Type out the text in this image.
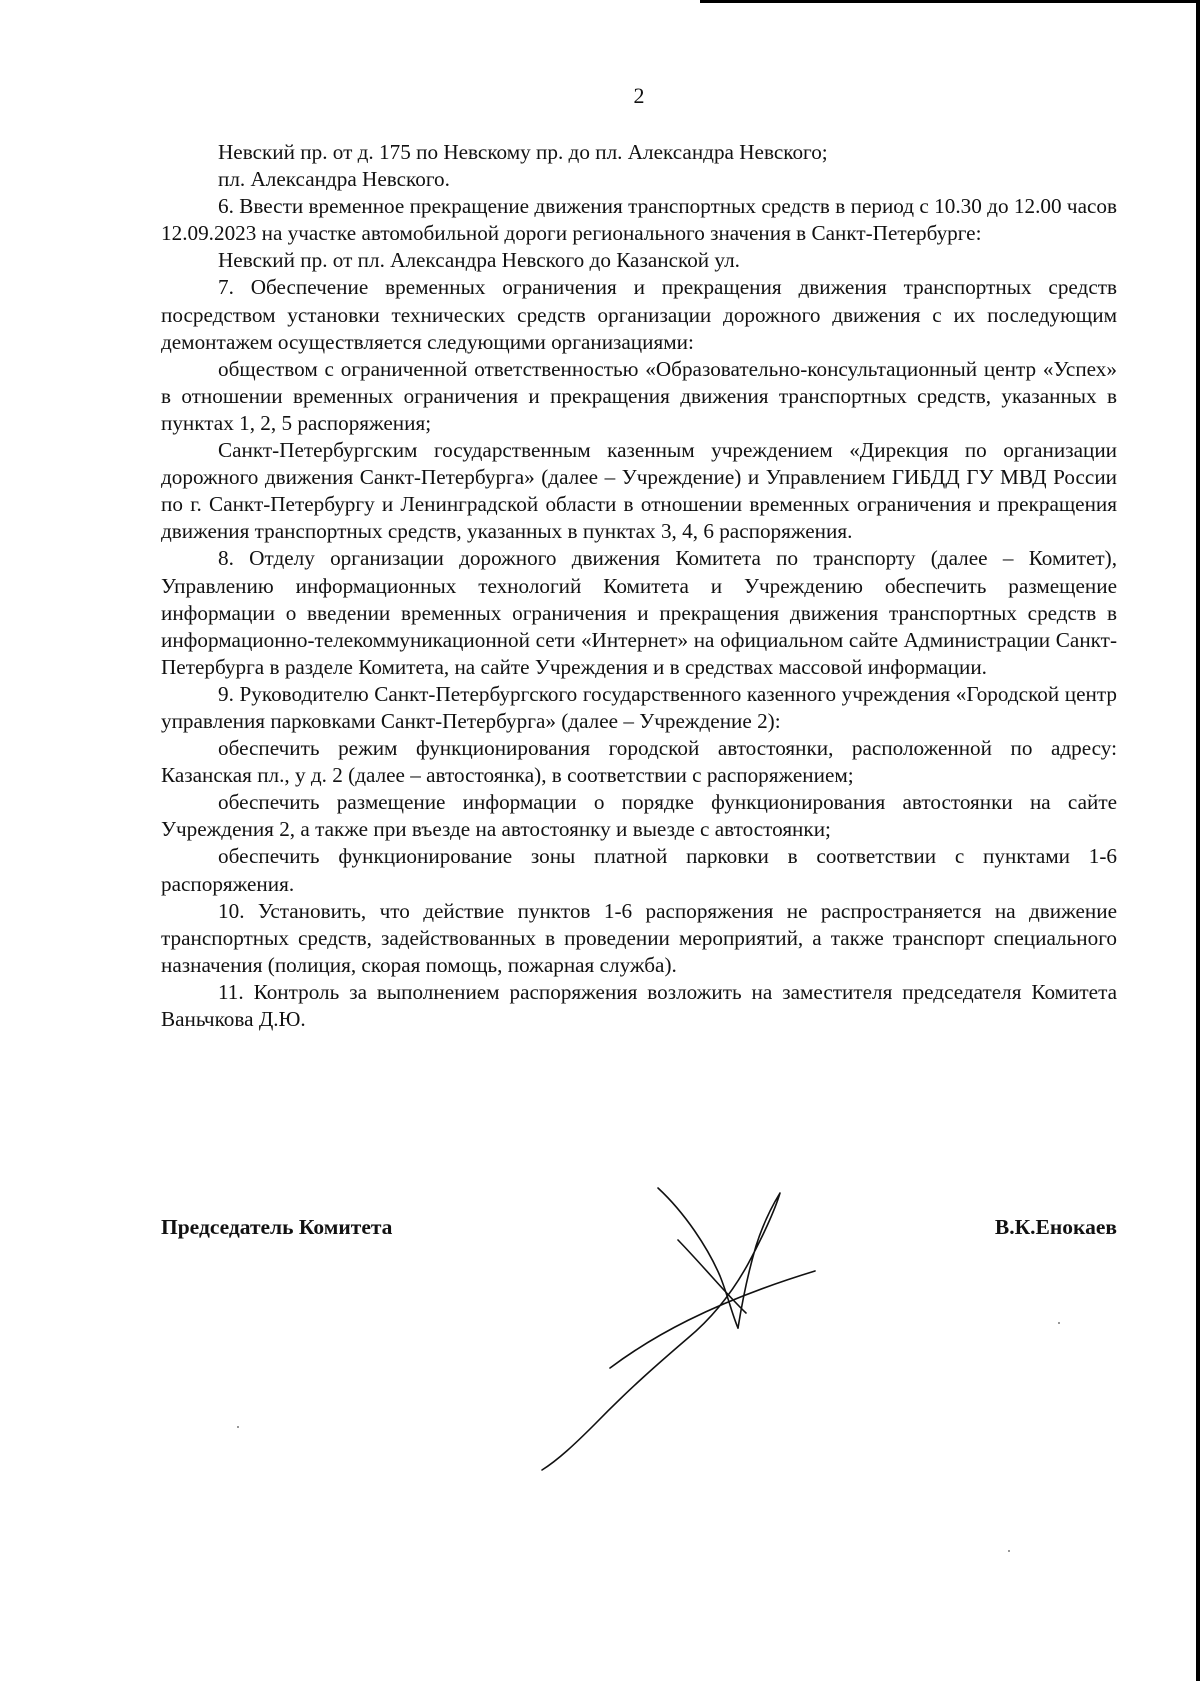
2

Невский пр. от д. 175 по Невскому пр. до пл. Александра Невского;

пл. Александра Невского.

6. Ввести временное прекращение движения транспортных средств в период с 10.30 до 12.00 часов 12.09.2023 на участке автомобильной дороги регионального значения в Санкт-Петербурге:

Невский пр. от пл. Александра Невского до Казанской ул.

7. Обеспечение временных ограничения и прекращения движения транспортных средств посредством установки технических средств организации дорожного движения с их последующим демонтажем осуществляется следующими организациями:

обществом с ограниченной ответственностью «Образовательно-консультационный центр «Успех» в отношении временных ограничения и прекращения движения транспортных средств, указанных в пунктах 1, 2, 5 распоряжения;

Санкт-Петербургским государственным казенным учреждением «Дирекция по организации дорожного движения Санкт-Петербурга» (далее – Учреждение) и Управлением ГИБДД ГУ МВД России по г. Санкт-Петербургу и Ленинградской области в отношении временных ограничения и прекращения движения транспортных средств, указанных в пунктах 3, 4, 6 распоряжения.

8. Отделу организации дорожного движения Комитета по транспорту (далее – Комитет), Управлению информационных технологий Комитета и Учреждению обеспечить размещение информации о введении временных ограничения и прекращения движения транспортных средств в информационно-телекоммуникационной сети «Интернет» на официальном сайте Администрации Санкт-Петербурга в разделе Комитета, на сайте Учреждения и в средствах массовой информации.

9. Руководителю Санкт-Петербургского государственного казенного учреждения «Городской центр управления парковками Санкт-Петербурга» (далее – Учреждение 2):

обеспечить режим функционирования городской автостоянки, расположенной по адресу: Казанская пл., у д. 2 (далее – автостоянка), в соответствии с распоряжением;

обеспечить размещение информации о порядке функционирования автостоянки на сайте Учреждения 2, а также при въезде на автостоянку и выезде с автостоянки;

обеспечить функционирование зоны платной парковки в соответствии с пунктами 1-6 распоряжения.

10. Установить, что действие пунктов 1-6 распоряжения не распространяется на движение транспортных средств, задействованных в проведении мероприятий, а также транспорт специального назначения (полиция, скорая помощь, пожарная служба).

11. Контроль за выполнением распоряжения возложить на заместителя председателя Комитета Ваньчкова Д.Ю.

Председатель Комитета	В.К.Енокаев
